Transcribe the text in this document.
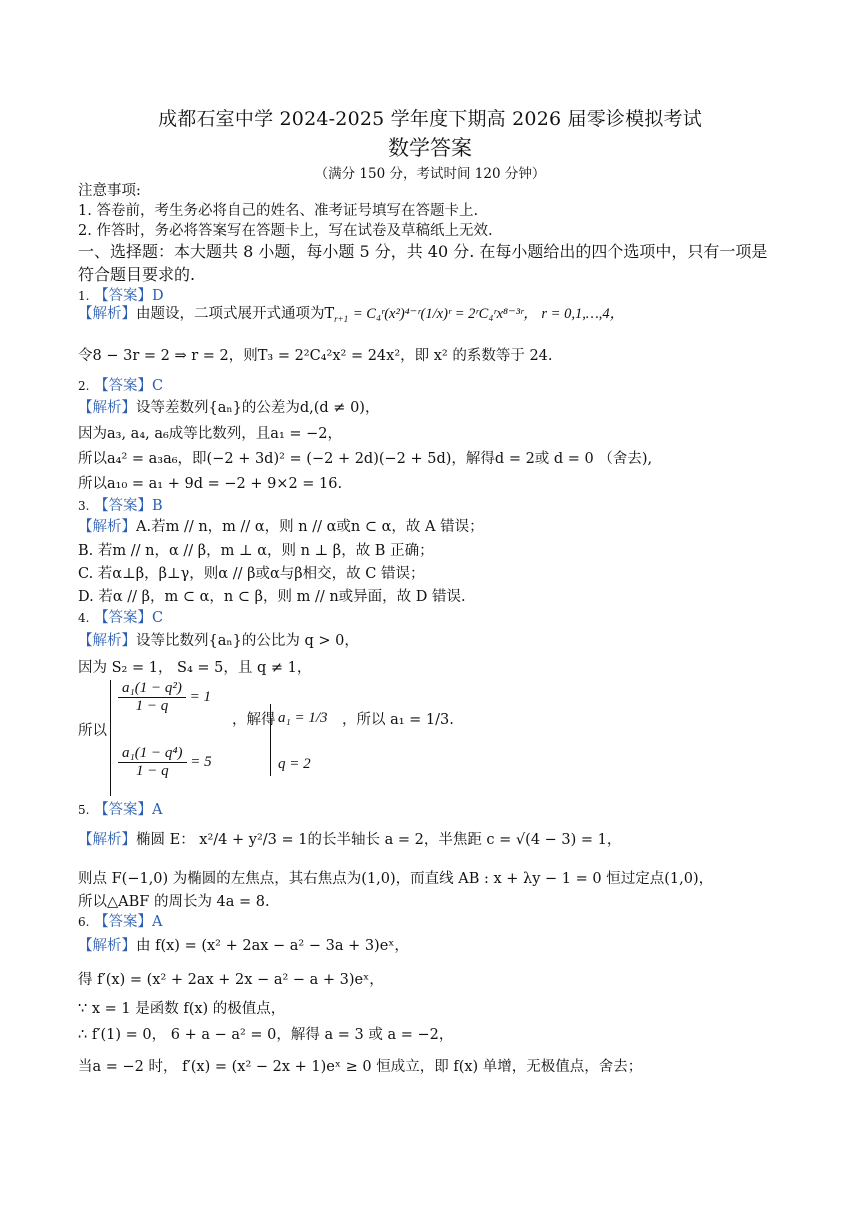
成都石室中学 2024-2025 学年度下期高 2026 届零诊模拟考试
数学答案
（满分 150 分，考试时间 120 分钟）
注意事项:
1. 答卷前，考生务必将自己的姓名、准考证号填写在答题卡上.
2. 作答时，务必将答案写在答题卡上，写在试卷及草稿纸上无效.
一、选择题：本大题共 8 小题，每小题 5 分，共 40 分. 在每小题给出的四个选项中，只有一项是符合题目要求的.
1. 【答案】D
【解析】由题设，二项式展开式通项为$T_{r+1}$ = C₄ʳ(x²)⁴⁻ʳ(1/x)ʳ = 2ʳC₄ʳx⁸⁻³ʳ， r = 0,1,…,4，
令8 − 3r = 2 ⇒ r = 2，则T₃ = 2²C₄²x² = 24x²，即 x² 的系数等于 24.
2. 【答案】C
【解析】设等差数列{aₙ}的公差为d,(d ≠ 0)，
因为a₃, a₄, a₆成等比数列，且a₁ = −2，
所以a₄² = a₃a₆，即(−2 + 3d)² = (−2 + 2d)(−2 + 5d)，解得d = 2或 d = 0 （舍去),
所以a₁₀ = a₁ + 9d = −2 + 9×2 = 16.
3. 【答案】B
【解析】A.若m // n，m // α，则 n // α或n ⊂ α，故 A 错误；
B. 若m // n，α // β，m ⊥ α，则 n ⊥ β，故 B 正确；
C. 若α⊥β，β⊥γ，则α // β或α与β相交，故 C 错误；
D. 若α // β，m ⊂ α，n ⊂ β，则 m // n或异面，故 D 错误.
4. 【答案】C
【解析】设等比数列{aₙ}的公比为 q > 0，
因为 S₂ = 1， S₄ = 5，且 q ≠ 1，
所以
$\frac{\text{a₁(1 − q²)}}{1 - q} = 1$
$\frac{\text{a₁(1 − q⁴)}}{1 - q} = 5$
，解得 a₁ = 1/3
q = 2
，所以 a₁ = 1/3.
5. 【答案】A
【解析】椭圆 E： x²/4 + y²/3 = 1的长半轴长 a = 2，半焦距 c = √(4 − 3) = 1，
则点 F(−1,0) 为椭圆的左焦点，其右焦点为(1,0)，而直线 AB : x + λy − 1 = 0 恒过定点(1,0)，
所以△ABF 的周长为 4a = 8.
6. 【答案】A
【解析】由 f(x) = (x² + 2ax − a² − 3a + 3)eˣ，
得 f′(x) = (x² + 2ax + 2x − a² − a + 3)eˣ，
∵ x = 1 是函数 f(x) 的极值点，
∴ f′(1) = 0， 6 + a − a² = 0，解得 a = 3 或 a = −2，
当a = −2 时， f′(x) = (x² − 2x + 1)eˣ ≥ 0 恒成立，即 f(x) 单增，无极值点，舍去；
